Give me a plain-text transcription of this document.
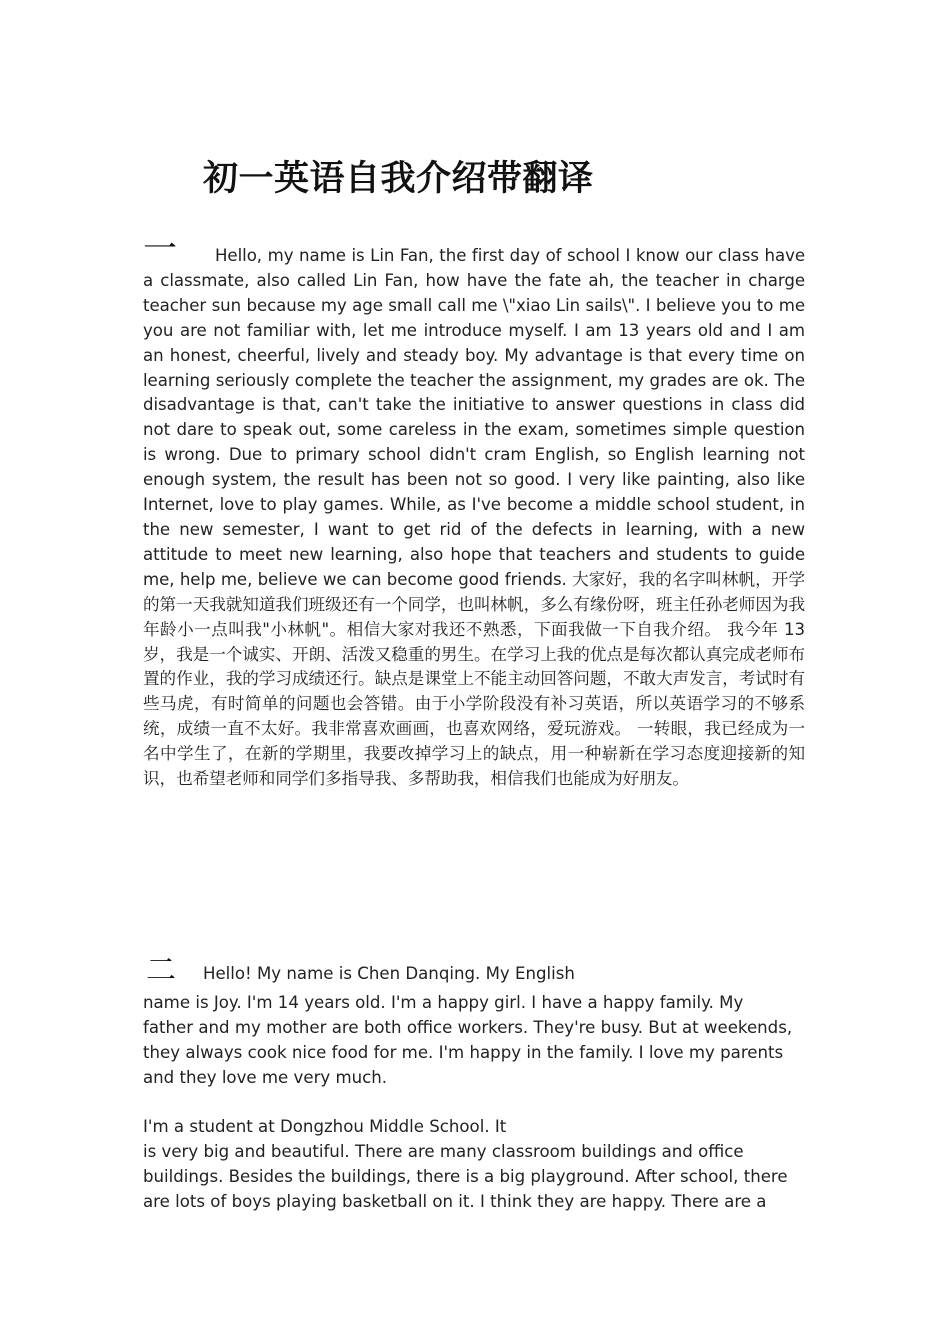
初一英语自我介绍带翻译
一	Hello, my name is Lin Fan, the first day of school I know our class have a classmate, also called Lin Fan, how have the fate ah, the teacher in charge teacher sun because my age small call me \"xiao Lin sails\". I believe you to me you are not familiar with, let me introduce myself. I am 13 years old and I am an honest, cheerful, lively and steady boy. My advantage is that every time on learning seriously complete the teacher the assignment, my grades are ok. The disadvantage is that, can't take the initiative to answer questions in class did not dare to speak out, some careless in the exam, sometimes simple question is wrong. Due to primary school didn't cram English, so English learning not enough system, the result has been not so good. I very like painting, also like Internet, love to play games. While, as I've become a middle school student, in the new semester, I want to get rid of the defects in learning, with a new attitude to meet new learning, also hope that teachers and students to guide me, help me, believe we can become good friends. 大家好，我的名字叫林帆，开学的第一天我就知道我们班级还有一个同学，也叫林帆，多么有缘份呀，班主任孙老师因为我年龄小一点叫我"小林帆"。相信大家对我还不熟悉，下面我做一下自我介绍。 我今年 13 岁，我是一个诚实、开朗、活泼又稳重的男生。在学习上我的优点是每次都认真完成老师布置的作业，我的学习成绩还行。缺点是课堂上不能主动回答问题，不敢大声发言，考试时有些马虎，有时简单的问题也会答错。由于小学阶段没有补习英语，所以英语学习的不够系统，成绩一直不太好。我非常喜欢画画，也喜欢网络，爱玩游戏。 一转眼，我已经成为一名中学生了，在新的学期里，我要改掉学习上的缺点，用一种崭新在学习态度迎接新的知识，也希望老师和同学们多指导我、多帮助我，相信我们也能成为好朋友。

二	Hello! My name is Chen Danqing. My English

name is Joy. I'm 14 years old. I'm a happy girl. I have a happy family. My
father and my mother are both office workers. They're busy. But at weekends,
they always cook nice food for me. I'm happy in the family. I love my parents
and they love me very much.
I'm a student at Dongzhou Middle School. It
is very big and beautiful. There are many classroom buildings and office
buildings. Besides the buildings, there is a big playground. After school, there
are lots of boys playing basketball on it. I think they are happy. There are a
